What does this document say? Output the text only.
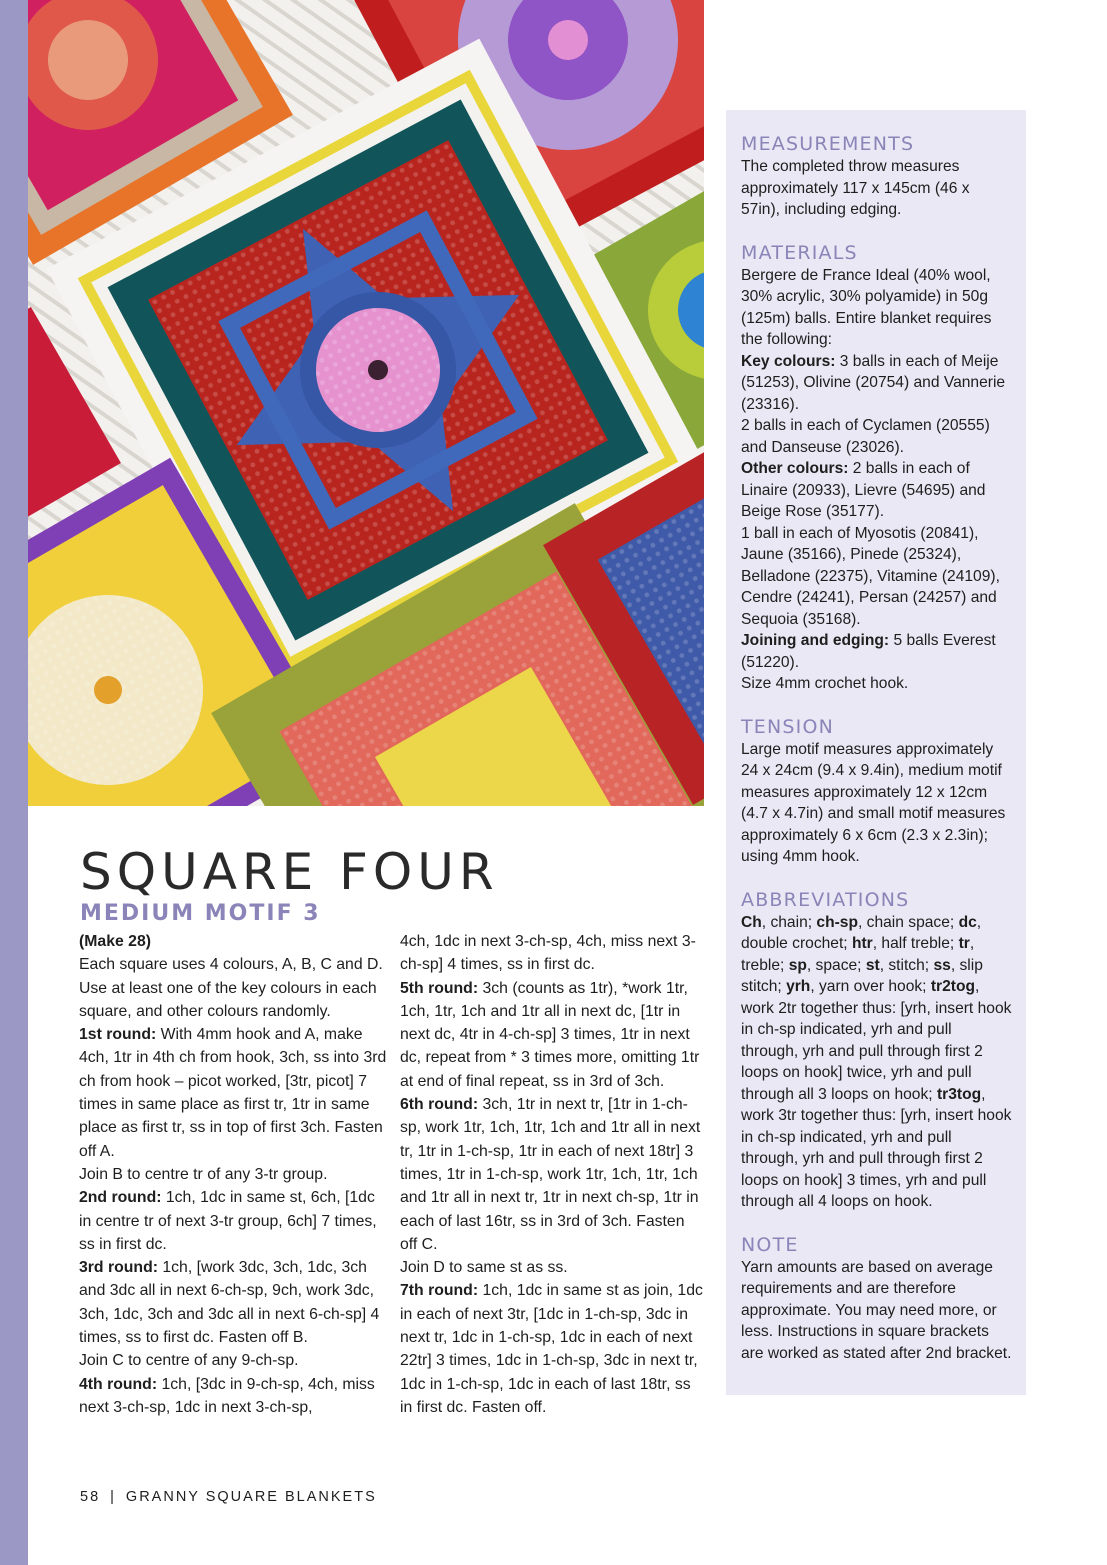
MEASUREMENTS

The completed throw measures approximately 117 x 145cm (46 x 57in), including edging.

MATERIALS

Bergere de France Ideal (40% wool, 30% acrylic, 30% polyamide) in 50g (125m) balls. Entire blanket requires the following:

Key colours: 3 balls in each of Meije (51253), Olivine (20754) and Vannerie (23316).

2 balls in each of Cyclamen (20555) and Danseuse (23026).

Other colours: 2 balls in each of Linaire (20933), Lievre (54695) and Beige Rose (35177).

1 ball in each of Myosotis (20841), Jaune (35166), Pinede (25324), Belladone (22375), Vitamine (24109), Cendre (24241), Persan (24257) and Sequoia (35168).

Joining and edging: 5 balls Everest (51220).

Size 4mm crochet hook.

TENSION

Large motif measures approximately 24 x 24cm (9.4 x 9.4in), medium motif measures approximately 12 x 12cm (4.7 x 4.7in) and small motif measures approximately 6 x 6cm (2.3 x 2.3in); using 4mm hook.

ABBREVIATIONS

Ch, chain; ch-sp, chain space; dc, double crochet; htr, half treble; tr, treble; sp, space; st, stitch; ss, slip stitch; yrh, yarn over hook; tr2tog, work 2tr together thus: [yrh, insert hook in ch-sp indicated, yrh and pull through, yrh and pull through first 2 loops on hook] twice, yrh and pull through all 3 loops on hook; tr3tog, work 3tr together thus: [yrh, insert hook in ch-sp indicated, yrh and pull through, yrh and pull through first 2 loops on hook] 3 times, yrh and pull through all 4 loops on hook.

NOTE

Yarn amounts are based on average requirements and are therefore approximate. You may need more, or less. Instructions in square brackets are worked as stated after 2nd bracket.

SQUARE FOUR
MEDIUM MOTIF 3

(Make 28)

Each square uses 4 colours, A, B, C and D. Use at least one of the key colours in each square, and other colours randomly.

1st round: With 4mm hook and A, make 4ch, 1tr in 4th ch from hook, 3ch, ss into 3rd ch from hook – picot worked, [3tr, picot] 7 times in same place as first tr, 1tr in same place as first tr, ss in top of first 3ch. Fasten off A.

Join B to centre tr of any 3-tr group.

2nd round: 1ch, 1dc in same st, 6ch, [1dc in centre tr of next 3-tr group, 6ch] 7 times, ss in first dc.

3rd round: 1ch, [work 3dc, 3ch, 1dc, 3ch and 3dc all in next 6-ch-sp, 9ch, work 3dc, 3ch, 1dc, 3ch and 3dc all in next 6-ch-sp] 4 times, ss to first dc. Fasten off B.

Join C to centre of any 9-ch-sp.

4th round: 1ch, [3dc in 9-ch-sp, 4ch, miss next 3-ch-sp, 1dc in next 3-ch-sp,

4ch, 1dc in next 3-ch-sp, 4ch, miss next 3-ch-sp] 4 times, ss in first dc.

5th round: 3ch (counts as 1tr), *work 1tr, 1ch, 1tr, 1ch and 1tr all in next dc, [1tr in next dc, 4tr in 4-ch-sp] 3 times, 1tr in next dc, repeat from * 3 times more, omitting 1tr at end of final repeat, ss in 3rd of 3ch.

6th round: 3ch, 1tr in next tr, [1tr in 1-ch-sp, work 1tr, 1ch, 1tr, 1ch and 1tr all in next tr, 1tr in 1-ch-sp, 1tr in each of next 18tr] 3 times, 1tr in 1-ch-sp, work 1tr, 1ch, 1tr, 1ch and 1tr all in next tr, 1tr in next ch-sp, 1tr in each of last 16tr, ss in 3rd of 3ch. Fasten off C.

Join D to same st as ss.

7th round: 1ch, 1dc in same st as join, 1dc in each of next 3tr, [1dc in 1-ch-sp, 3dc in next tr, 1dc in 1-ch-sp, 1dc in each of next 22tr] 3 times, 1dc in 1-ch-sp, 3dc in next tr, 1dc in 1-ch-sp, 1dc in each of last 18tr, ss in first dc. Fasten off.

58 | GRANNY SQUARE BLANKETS
